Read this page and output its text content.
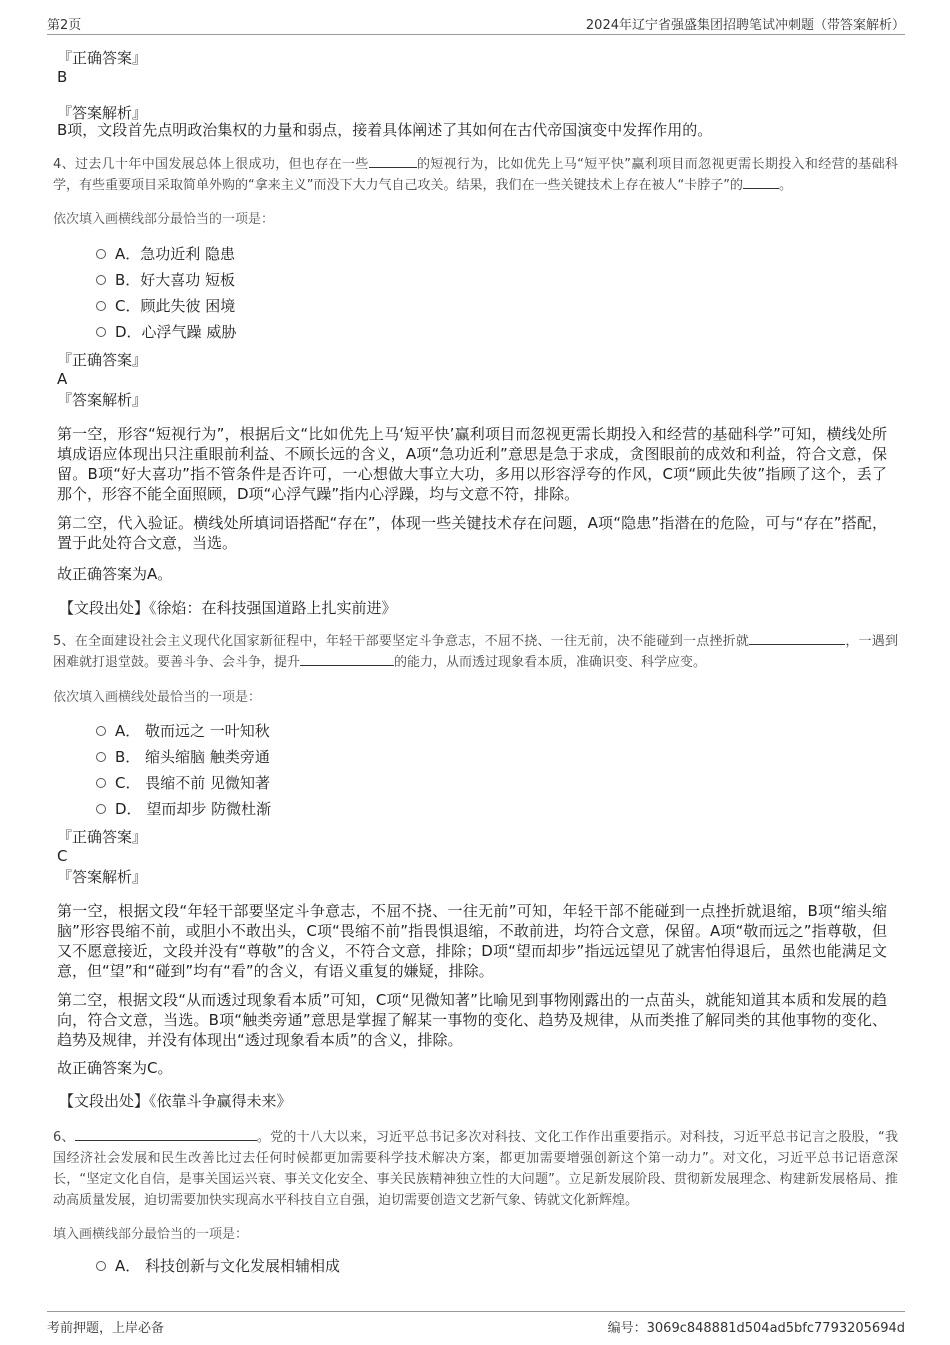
第2页	2024年辽宁省强盛集团招聘笔试冲刺题（带答案解析）
『正确答案』
B
『答案解析』

B项，文段首先点明政治集权的力量和弱点，接着具体阐述了其如何在古代帝国演变中发挥作用的。

4、过去几十年中国发展总体上很成功，但也存在一些	的短视行为，比如优先上马“短平快”赢利项目而忽视更需长期投入和经营的基础科学，有些重要项目采取简单外购的“拿来主义”而没下大力气自己攻关。结果，我们在一些关键技术上存在被人“卡脖子”的	。

依次填入画横线部分最恰当的一项是：
A．急功近利 隐患
B．好大喜功 短板
C．顾此失彼 困境
D．心浮气躁 威胁
『正确答案』
A
『答案解析』

第一空，形容“短视行为”，根据后文“比如优先上马‘短平快’赢利项目而忽视更需长期投入和经营的基础科学”可知，横线处所填成语应体现出只注重眼前利益、不顾长远的含义，A项“急功近利”意思是急于求成，贪图眼前的成效和利益，符合文意，保留。B项“好大喜功”指不管条件是否许可，一心想做大事立大功，多用以形容浮夸的作风，C项“顾此失彼”指顾了这个，丢了那个，形容不能全面照顾，D项“心浮气躁”指内心浮躁，均与文意不符，排除。

第二空，代入验证。横线处所填词语搭配“存在”，体现一些关键技术存在问题，A项“隐患”指潜在的危险，可与“存在”搭配，置于此处符合文意，当选。

故正确答案为A。

【文段出处】《徐焰：在科技强国道路上扎实前进》

5、在全面建设社会主义现代化国家新征程中，年轻干部要坚定斗争意志，不屈不挠、一往无前，决不能碰到一点挫折就	，一遇到困难就打退堂鼓。要善斗争、会斗争，提升	的能力，从而透过现象看本质，准确识变、科学应变。

依次填入画横线处最恰当的一项是：
A． 敬而远之 一叶知秋
B． 缩头缩脑 触类旁通
C． 畏缩不前 见微知著
D． 望而却步 防微杜渐
『正确答案』
C
『答案解析』

第一空，根据文段“年轻干部要坚定斗争意志，不屈不挠、一往无前”可知，年轻干部不能碰到一点挫折就退缩，B项“缩头缩脑”形容畏缩不前，或胆小不敢出头，C项“畏缩不前”指畏惧退缩，不敢前进，均符合文意，保留。A项“敬而远之”指尊敬，但又不愿意接近，文段并没有“尊敬”的含义，不符合文意，排除；D项“望而却步”指远远望见了就害怕得退后，虽然也能满足文意，但“望”和“碰到”均有“看”的含义，有语义重复的嫌疑，排除。

第二空，根据文段“从而透过现象看本质”可知，C项“见微知著”比喻见到事物刚露出的一点苗头，就能知道其本质和发展的趋向，符合文意，当选。B项“触类旁通”意思是掌握了解某一事物的变化、趋势及规律，从而类推了解同类的其他事物的变化、趋势及规律，并没有体现出“透过现象看本质”的含义，排除。

故正确答案为C。

【文段出处】《依靠斗争赢得未来》

6、	。党的十八大以来，习近平总书记多次对科技、文化工作作出重要指示。对科技，习近平总书记言之股股，“我国经济社会发展和民生改善比过去任何时候都更加需要科学技术解决方案，都更加需要增强创新这个第一动力”。对文化，习近平总书记语意深长，“坚定文化自信，是事关国运兴衰、事关文化安全、事关民族精神独立性的大问题”。立足新发展阶段、贯彻新发展理念、构建新发展格局、推动高质量发展，迫切需要加快实现高水平科技自立自强，迫切需要创造文艺新气象、铸就文化新辉煌。

填入画横线部分最恰当的一项是：
A． 科技创新与文化发展相辅相成
考前押题，上岸必备	编号：3069c848881d504ad5bfc7793205694d
